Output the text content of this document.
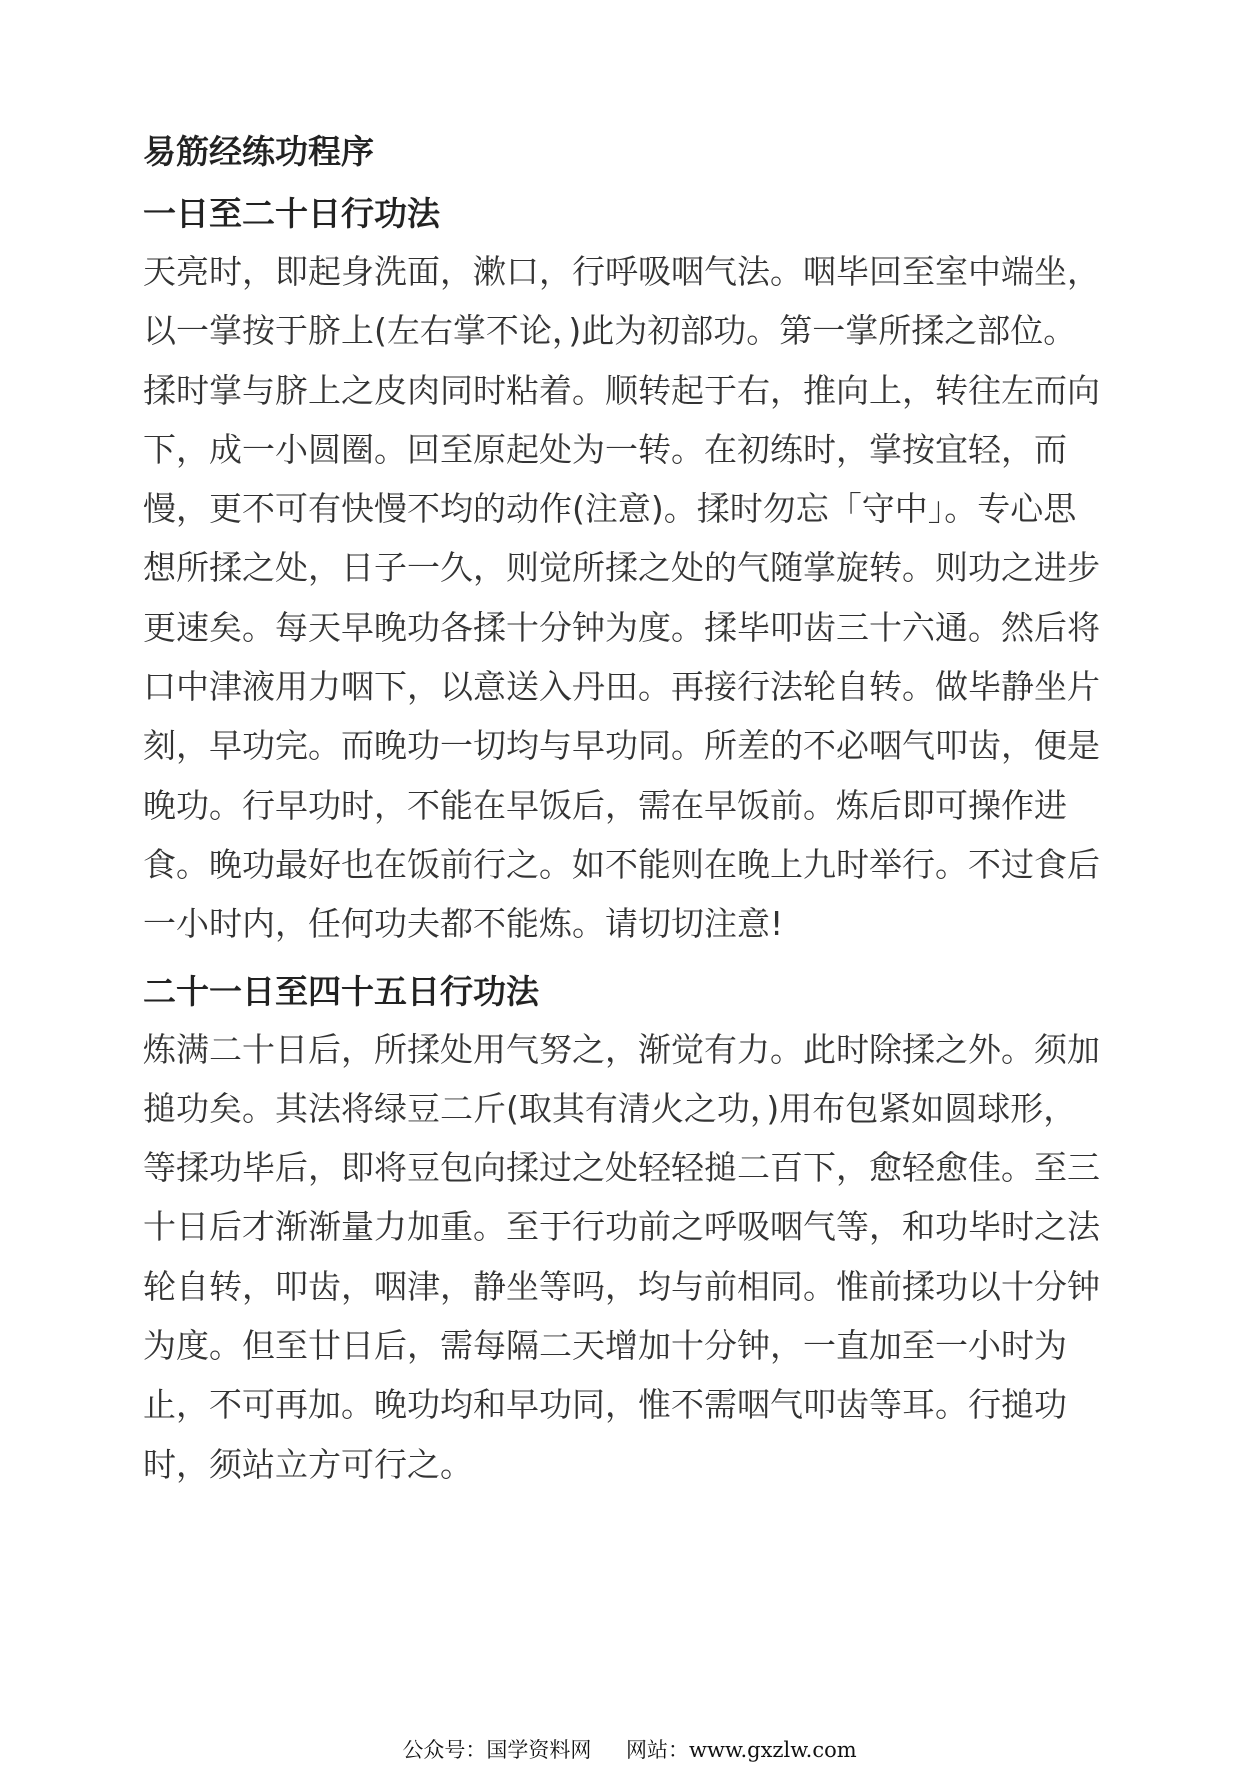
易筋经练功程序
一日至二十日行功法

天亮时，即起身洗面，漱口，行呼吸咽气法。咽毕回至室中端坐，以一掌按于脐上(左右掌不论，)此为初部功。第一掌所揉之部位。揉时掌与脐上之皮肉同时粘着。顺转起于右，推向上，转往左而向下，成一小圆圈。回至原起处为一转。在初练时，掌按宜轻，而慢，更不可有快慢不均的动作(注意)。揉时勿忘「守中」。专心思想所揉之处，日子一久，则觉所揉之处的气随掌旋转。则功之进步更速矣。每天早晚功各揉十分钟为度。揉毕叩齿三十六通。然后将口中津液用力咽下，以意送入丹田。再接行法轮自转。做毕静坐片刻，早功完。而晚功一切均与早功同。所差的不必咽气叩齿，便是晚功。行早功时，不能在早饭后，需在早饭前。炼后即可操作进食。晚功最好也在饭前行之。如不能则在晚上九时举行。不过食后一小时内，任何功夫都不能炼。请切切注意!

二十一日至四十五日行功法

炼满二十日后，所揉处用气努之，渐觉有力。此时除揉之外。须加搥功矣。其法将绿豆二斤(取其有清火之功，)用布包紧如圆球形，等揉功毕后，即将豆包向揉过之处轻轻搥二百下，愈轻愈佳。至三十日后才渐渐量力加重。至于行功前之呼吸咽气等，和功毕时之法轮自转，叩齿，咽津，静坐等吗，均与前相同。惟前揉功以十分钟为度。但至廿日后，需每隔二天增加十分钟，一直加至一小时为止，不可再加。晚功均和早功同，惟不需咽气叩齿等耳。行搥功时，须站立方可行之。

公众号：国学资料网 网站：www.gxzlw.com
